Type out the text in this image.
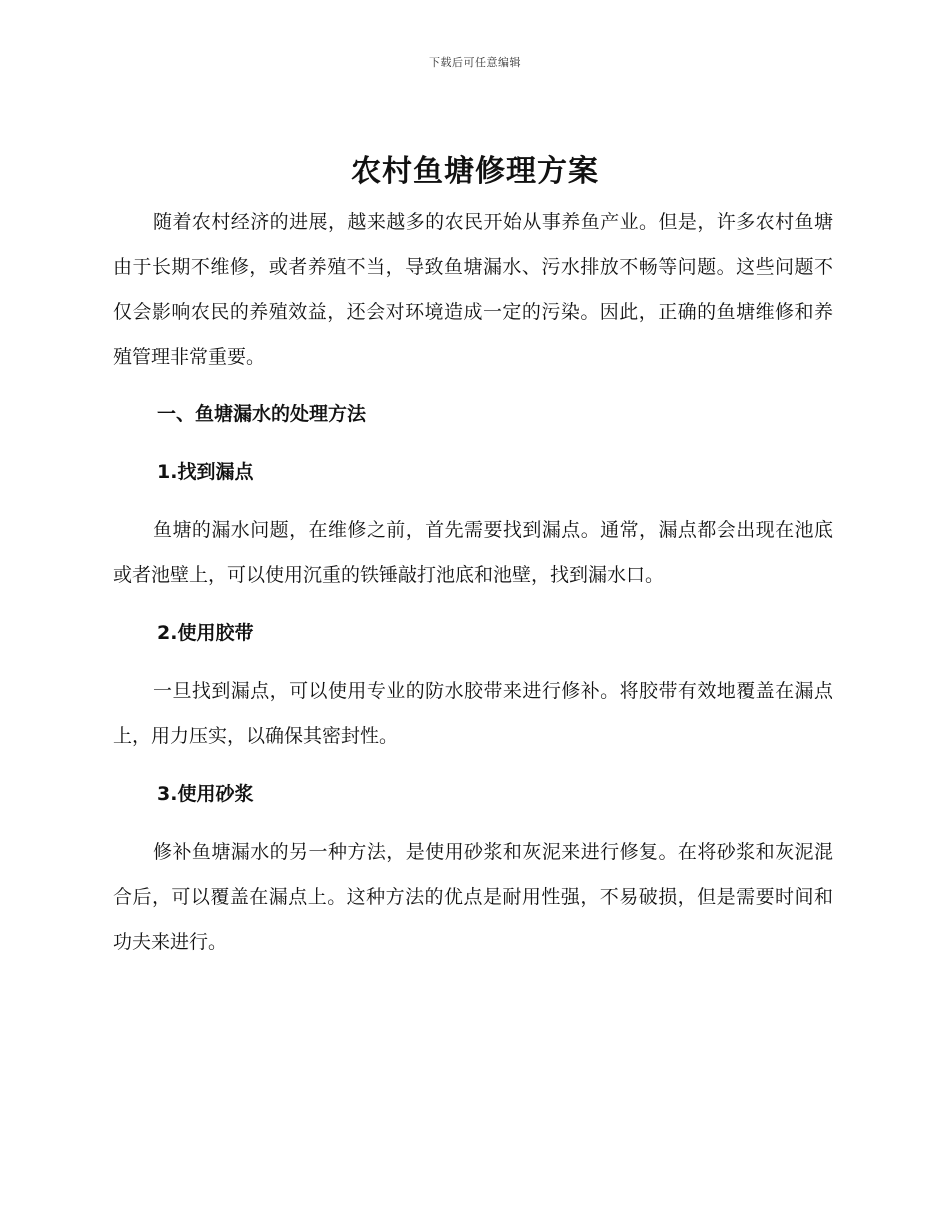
下载后可任意编辑
农村鱼塘修理方案

随着农村经济的进展，越来越多的农民开始从事养鱼产业。但是，许多农村鱼塘由于长期不维修，或者养殖不当，导致鱼塘漏水、污水排放不畅等问题。这些问题不仅会影响农民的养殖效益，还会对环境造成一定的污染。因此，正确的鱼塘维修和养殖管理非常重要。

一、鱼塘漏水的处理方法

1.找到漏点

鱼塘的漏水问题，在维修之前，首先需要找到漏点。通常，漏点都会出现在池底或者池壁上，可以使用沉重的铁锤敲打池底和池壁，找到漏水口。

2.使用胶带

一旦找到漏点，可以使用专业的防水胶带来进行修补。将胶带有效地覆盖在漏点上，用力压实，以确保其密封性。

3.使用砂浆

修补鱼塘漏水的另一种方法，是使用砂浆和灰泥来进行修复。在将砂浆和灰泥混合后，可以覆盖在漏点上。这种方法的优点是耐用性强，不易破损，但是需要时间和功夫来进行。
